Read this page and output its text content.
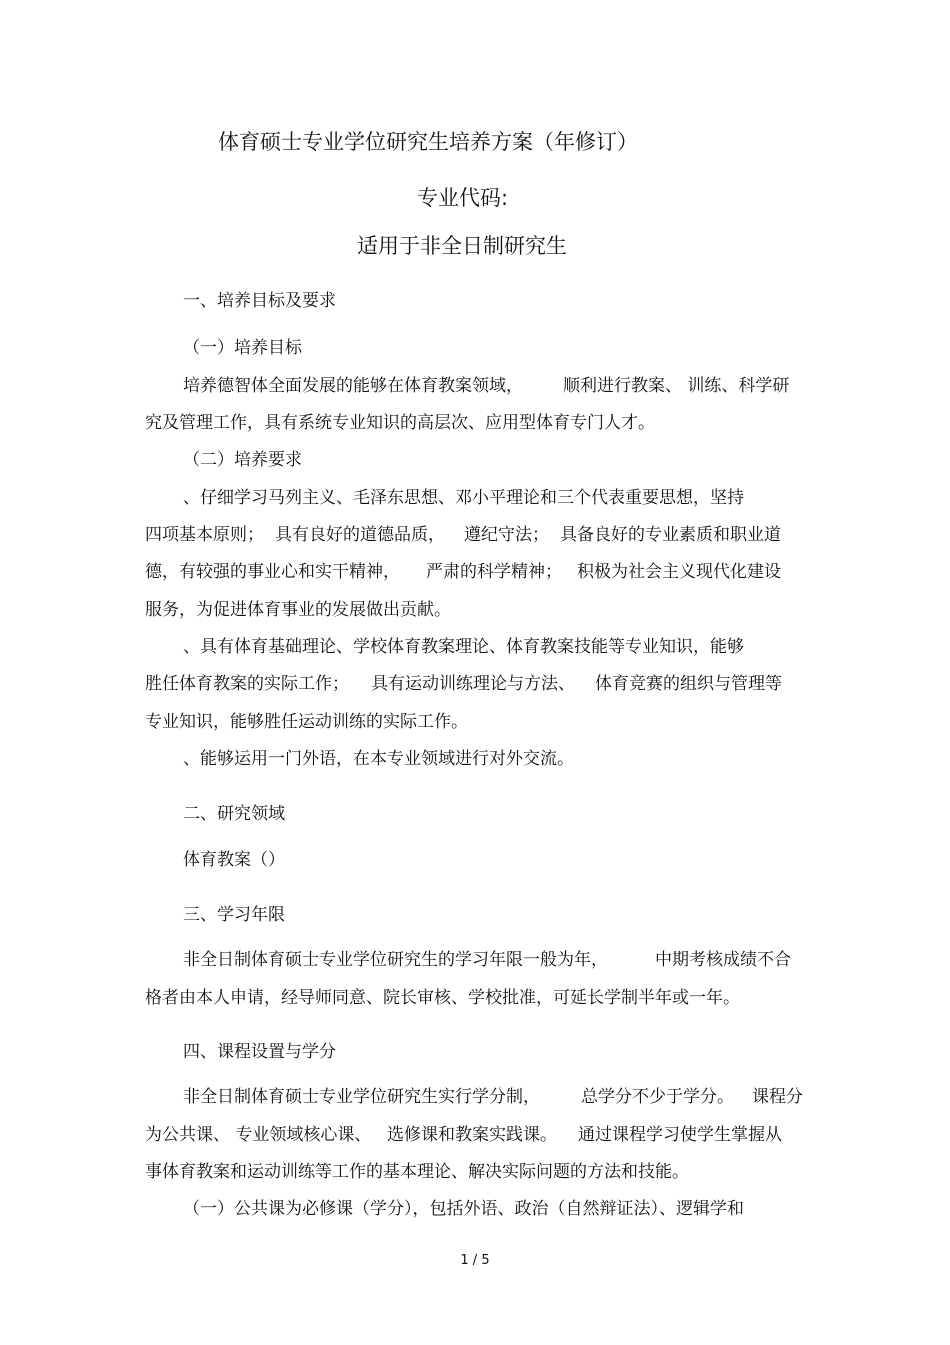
体育硕士专业学位研究生培养方案（年修订）
专业代码:
适用于非全日制研究生
一、培养目标及要求
（一）培养目标
培养德智体全面发展的能够在体育教案领域， 顺利进行教案、 训练、科学研
究及管理工作，具有系统专业知识的高层次、应用型体育专门人才。
（二）培养要求
、仔细学习马列主义、毛泽东思想、邓小平理论和三个代表重要思想，坚持
四项基本原则； 具有良好的道德品质， 遵纪守法； 具备良好的专业素质和职业道
德，有较强的事业心和实干精神， 严肃的科学精神； 积极为社会主义现代化建设
服务，为促进体育事业的发展做出贡献。
、具有体育基础理论、学校体育教案理论、体育教案技能等专业知识，能够
胜任体育教案的实际工作； 具有运动训练理论与方法、 体育竞赛的组织与管理等
专业知识，能够胜任运动训练的实际工作。
、能够运用一门外语，在本专业领域进行对外交流。
二、研究领域
体育教案（）
三、学习年限
非全日制体育硕士专业学位研究生的学习年限一般为年，	中期考核成绩不合
格者由本人申请，经导师同意、院长审核、学校批准，可延长学制半年或一年。
四、课程设置与学分
非全日制体育硕士专业学位研究生实行学分制， 总学分不少于学分。 课程分
为公共课、 专业领域核心课、 选修课和教案实践课。 通过课程学习使学生掌握从
事体育教案和运动训练等工作的基本理论、解决实际问题的方法和技能。
（一）公共课为必修课（学分），包括外语、政治（自然辩证法）、逻辑学和
1 / 5
